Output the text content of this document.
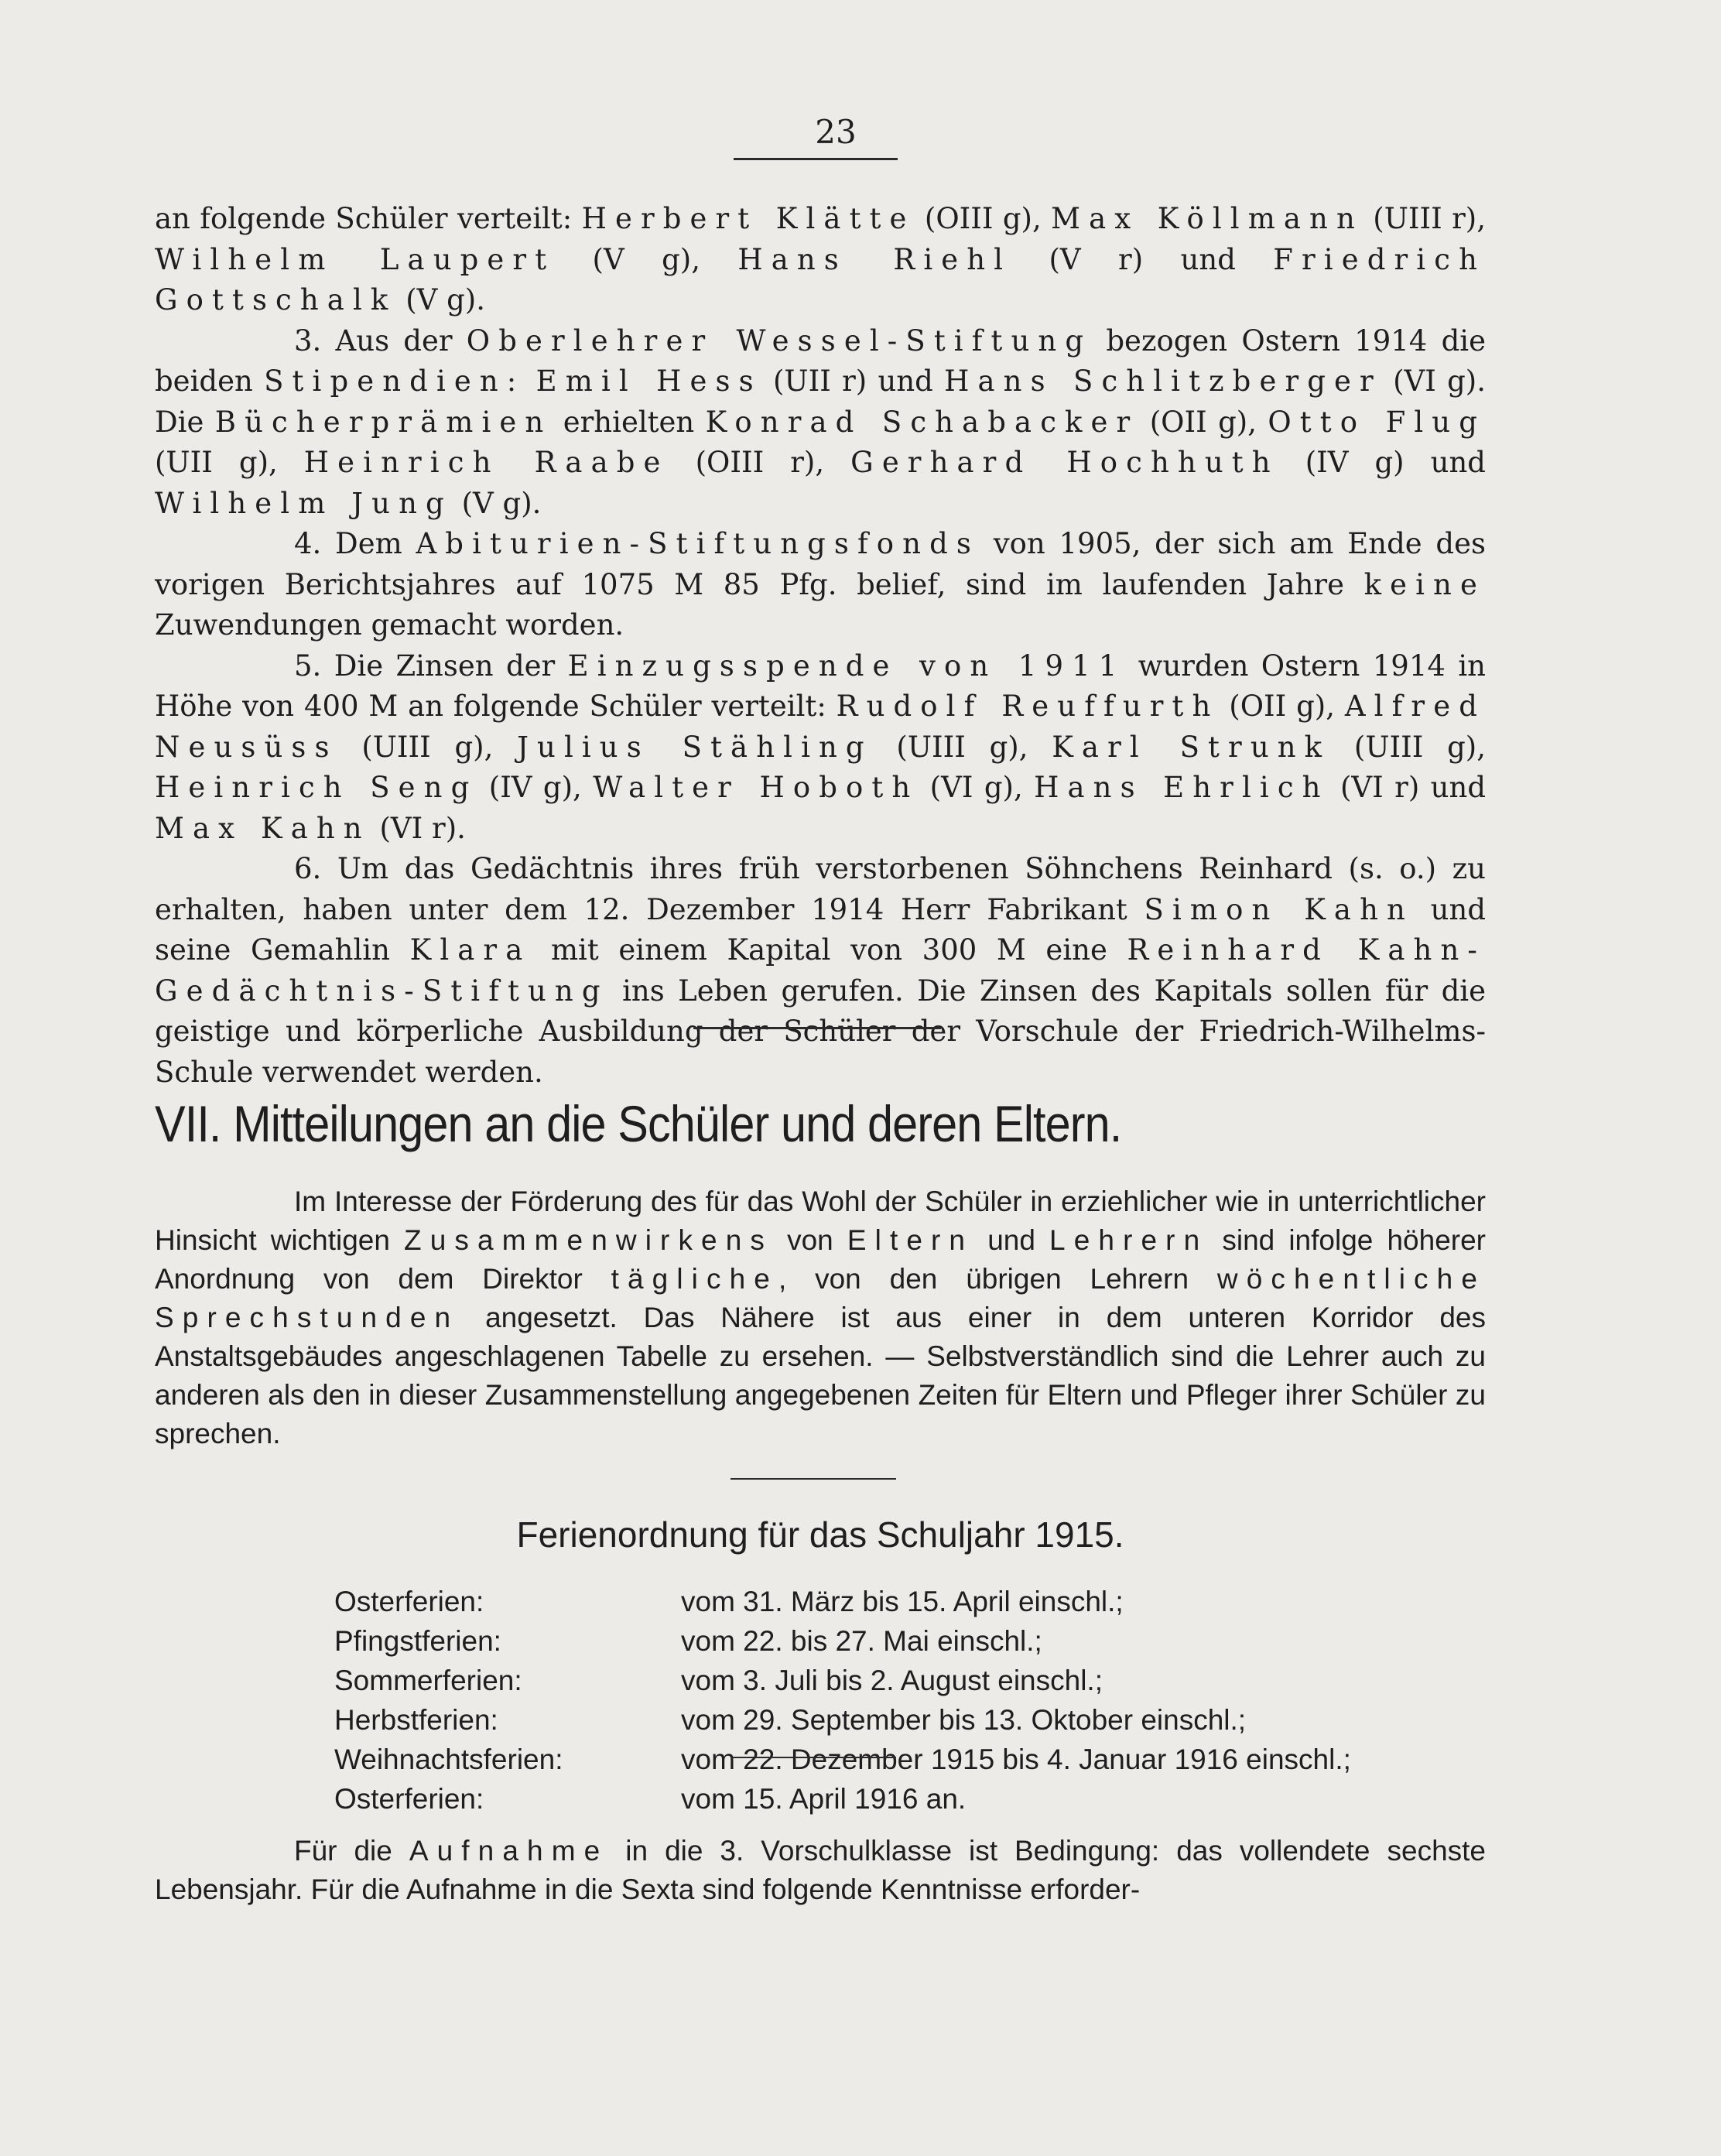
23

an folgende Schüler verteilt: Herbert Klätte (OIII g), Max Köllmann (UIII r), Wilhelm Laupert (V g), Hans Riehl (V r) und Friedrich Gottschalk (V g).

3. Aus der Oberlehrer Wessel-Stiftung bezogen Ostern 1914 die beiden Stipendien: Emil Hess (UII r) und Hans Schlitzberger (VI g). Die Bücherprämien erhielten Konrad Schabacker (OII g), Otto Flug (UII g), Heinrich Raabe (OIII r), Gerhard Hochhuth (IV g) und Wilhelm Jung (V g).

4. Dem Abiturien-Stiftungsfonds von 1905, der sich am Ende des vorigen Berichtsjahres auf 1075 M 85 Pfg. belief, sind im laufenden Jahre keine Zuwendungen gemacht worden.

5. Die Zinsen der Einzugsspende von 1911 wurden Ostern 1914 in Höhe von 400 M an folgende Schüler verteilt: Rudolf Reuffurth (OII g), Alfred Neusüss (UIII g), Julius Stähling (UIII g), Karl Strunk (UIII g), Heinrich Seng (IV g), Walter Hoboth (VI g), Hans Ehrlich (VI r) und Max Kahn (VI r).

6. Um das Gedächtnis ihres früh verstorbenen Söhnchens Reinhard (s. o.) zu erhalten, haben unter dem 12. Dezember 1914 Herr Fabrikant Simon Kahn und seine Gemahlin Klara mit einem Kapital von 300 M eine Reinhard Kahn-Gedächtnis-Stiftung ins Leben gerufen. Die Zinsen des Kapitals sollen für die geistige und körperliche Ausbildung der Schüler der Vorschule der Friedrich-Wilhelms-Schule verwendet werden.

VII. Mitteilungen an die Schüler und deren Eltern.

Im Interesse der Förderung des für das Wohl der Schüler in erziehlicher wie in unterrichtlicher Hinsicht wichtigen Zusammenwirkens von Eltern und Lehrern sind infolge höherer Anordnung von dem Direktor tägliche, von den übrigen Lehrern wöchentliche Sprechstunden angesetzt. Das Nähere ist aus einer in dem unteren Korridor des Anstaltsgebäudes angeschlagenen Tabelle zu ersehen. — Selbstverständlich sind die Lehrer auch zu anderen als den in dieser Zusammenstellung angegebenen Zeiten für Eltern und Pfleger ihrer Schüler zu sprechen.

Ferienordnung für das Schuljahr 1915.
Osterferien:	vom 31. März bis 15. April einschl.;
Pfingstferien:	vom 22. bis 27. Mai einschl.;
Sommerferien:	vom 3. Juli bis 2. August einschl.;
Herbstferien:	vom 29. September bis 13. Oktober einschl.;
Weihnachtsferien:	vom 22. Dezember 1915 bis 4. Januar 1916 einschl.;
Osterferien:	vom 15. April 1916 an.

Für die Aufnahme in die 3. Vorschulklasse ist Bedingung: das vollendete sechste Lebensjahr. Für die Aufnahme in die Sexta sind folgende Kenntnisse erforder-
